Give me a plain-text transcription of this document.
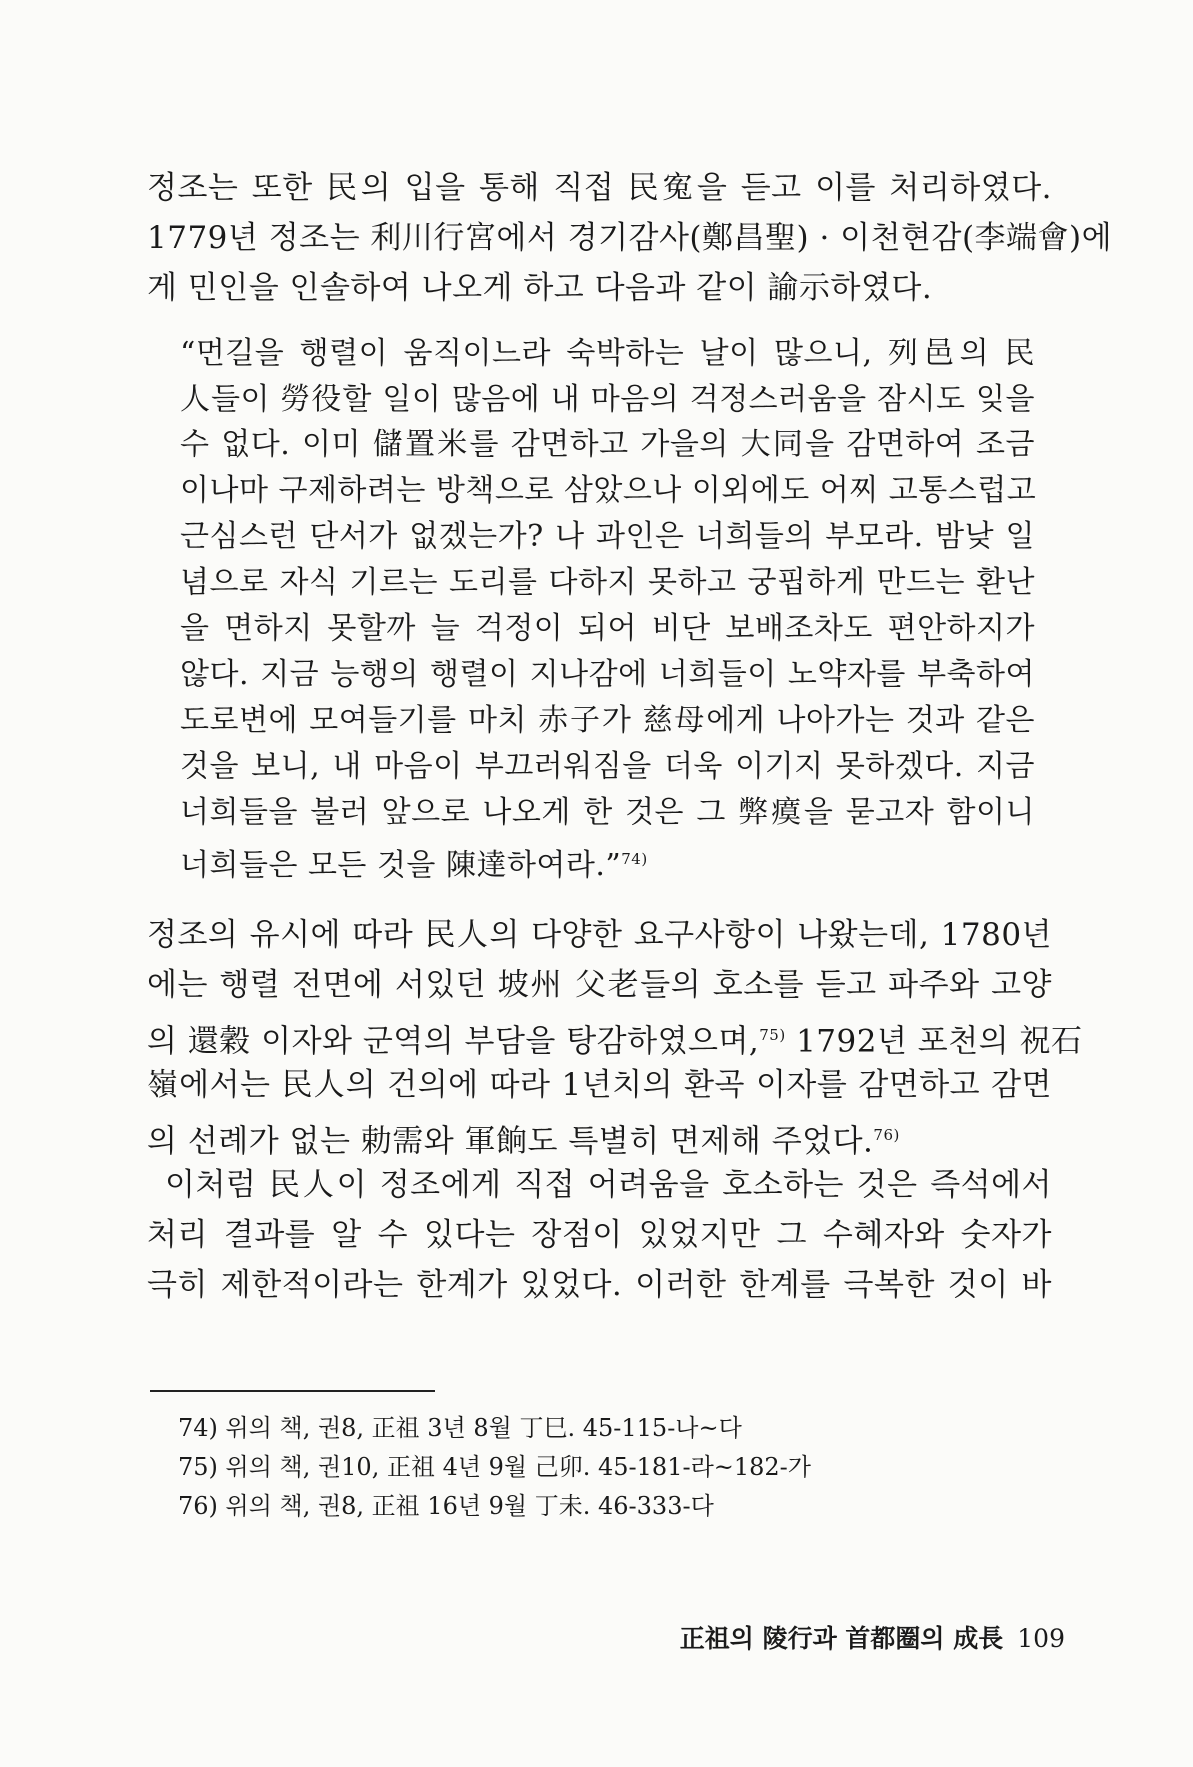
정조는 또한 民의 입을 통해 직접 民寃을 듣고 이를 처리하였다.
1779년 정조는 利川行宮에서 경기감사(鄭昌聖) · 이천현감(李端會)에
게 민인을 인솔하여 나오게 하고 다음과 같이 諭示하였다.
“먼길을 행렬이 움직이느라 숙박하는 날이 많으니, 列邑의 民
人들이 勞役할 일이 많음에 내 마음의 걱정스러움을 잠시도 잊을
수 없다. 이미 儲置米를 감면하고 가을의 大同을 감면하여 조금
이나마 구제하려는 방책으로 삼았으나 이외에도 어찌 고통스럽고
근심스런 단서가 없겠는가? 나 과인은 너희들의 부모라. 밤낮 일
념으로 자식 기르는 도리를 다하지 못하고 궁핍하게 만드는 환난
을 면하지 못할까 늘 걱정이 되어 비단 보배조차도 편안하지가
않다. 지금 능행의 행렬이 지나감에 너희들이 노약자를 부축하여
도로변에 모여들기를 마치 赤子가 慈母에게 나아가는 것과 같은
것을 보니, 내 마음이 부끄러워짐을 더욱 이기지 못하겠다. 지금
너희들을 불러 앞으로 나오게 한 것은 그 弊瘼을 묻고자 함이니
너희들은 모든 것을 陳達하여라.”$^{74)}$
정조의 유시에 따라 民人의 다양한 요구사항이 나왔는데, 1780년
에는 행렬 전면에 서있던 坡州 父老들의 호소를 듣고 파주와 고양
의 還穀 이자와 군역의 부담을 탕감하였으며,$^{75)}$ 1792년 포천의 祝石
嶺에서는 民人의 건의에 따라 1년치의 환곡 이자를 감면하고 감면
의 선례가 없는 勅需와 軍餉도 특별히 면제해 주었다.$^{76)}$
이처럼 民人이 정조에게 직접 어려움을 호소하는 것은 즉석에서
처리 결과를 알 수 있다는 장점이 있었지만 그 수혜자와 숫자가
극히 제한적이라는 한계가 있었다. 이러한 한계를 극복한 것이 바
74) 위의 책, 권8, 正祖 3년 8월 丁巳. 45-115-나~다
75) 위의 책, 권10, 正祖 4년 9월 己卯. 45-181-라~182-가
76) 위의 책, 권8, 正祖 16년 9월 丁未. 46-333-다
正祖의 陵行과 首都圈의 成長 109
